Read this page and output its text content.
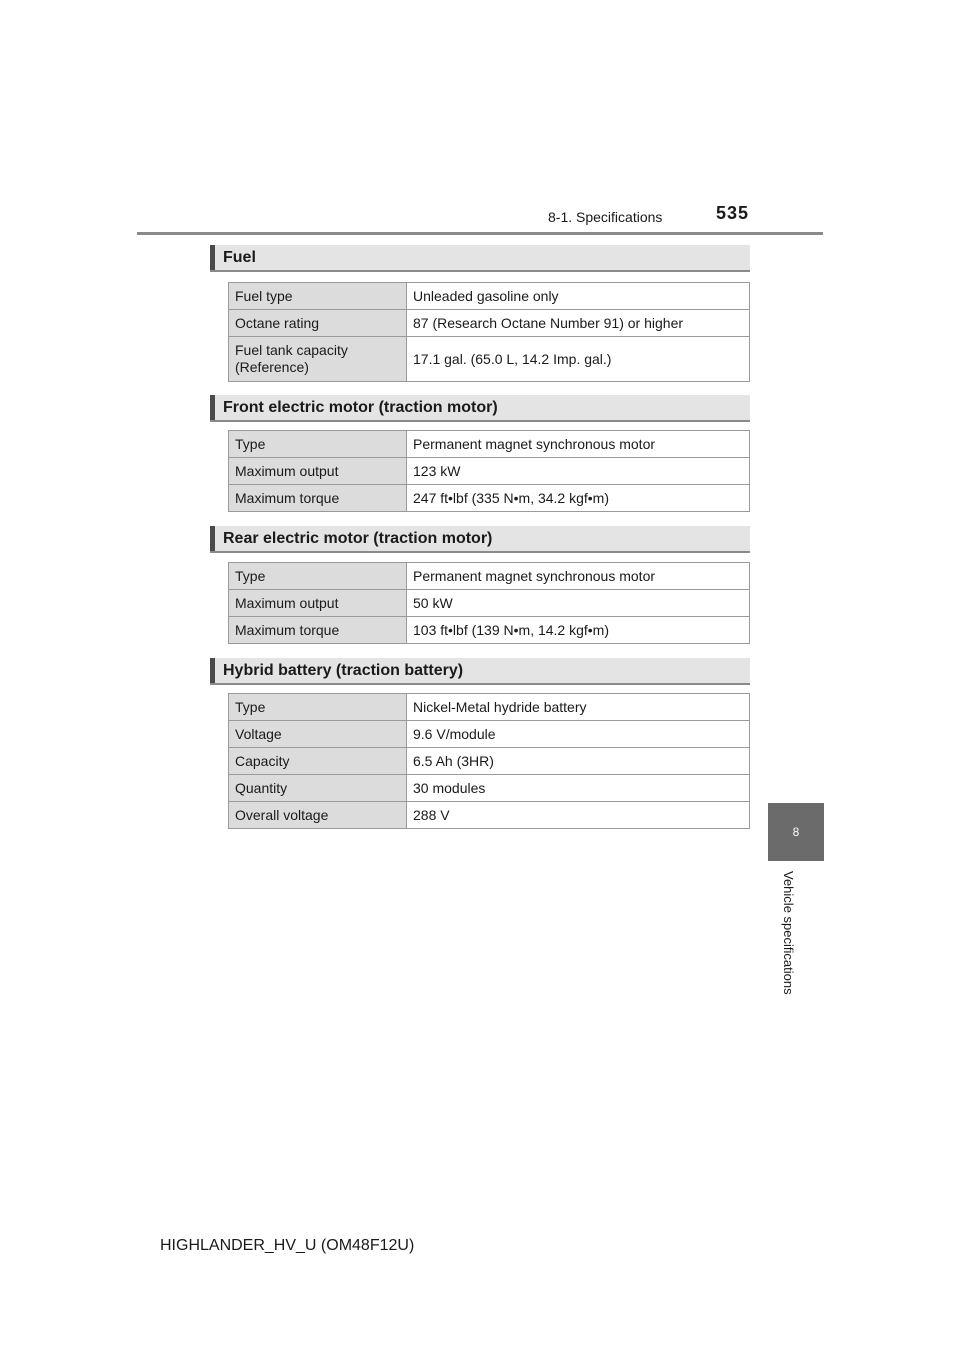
8-1. Specifications	535
8
Vehicle specifications
Fuel
Fuel type	Unleaded gasoline only
Octane rating	87 (Research Octane Number 91) or higher
Fuel tank capacity
(Reference)	17.1 gal. (65.0 L, 14.2 Imp. gal.)
Front electric motor (traction motor)
Type	Permanent magnet synchronous motor
Maximum output	123 kW
Maximum torque	247 ft•lbf (335 N•m, 34.2 kgf•m)
Rear electric motor (traction motor)
Type	Permanent magnet synchronous motor
Maximum output	50 kW
Maximum torque	103 ft•lbf (139 N•m, 14.2 kgf•m)
Hybrid battery (traction battery)
Type	Nickel-Metal hydride battery
Voltage	9.6 V/module
Capacity	6.5 Ah (3HR)
Quantity	30 modules
Overall voltage	288 V
HIGHLANDER_HV_U (OM48F12U)
